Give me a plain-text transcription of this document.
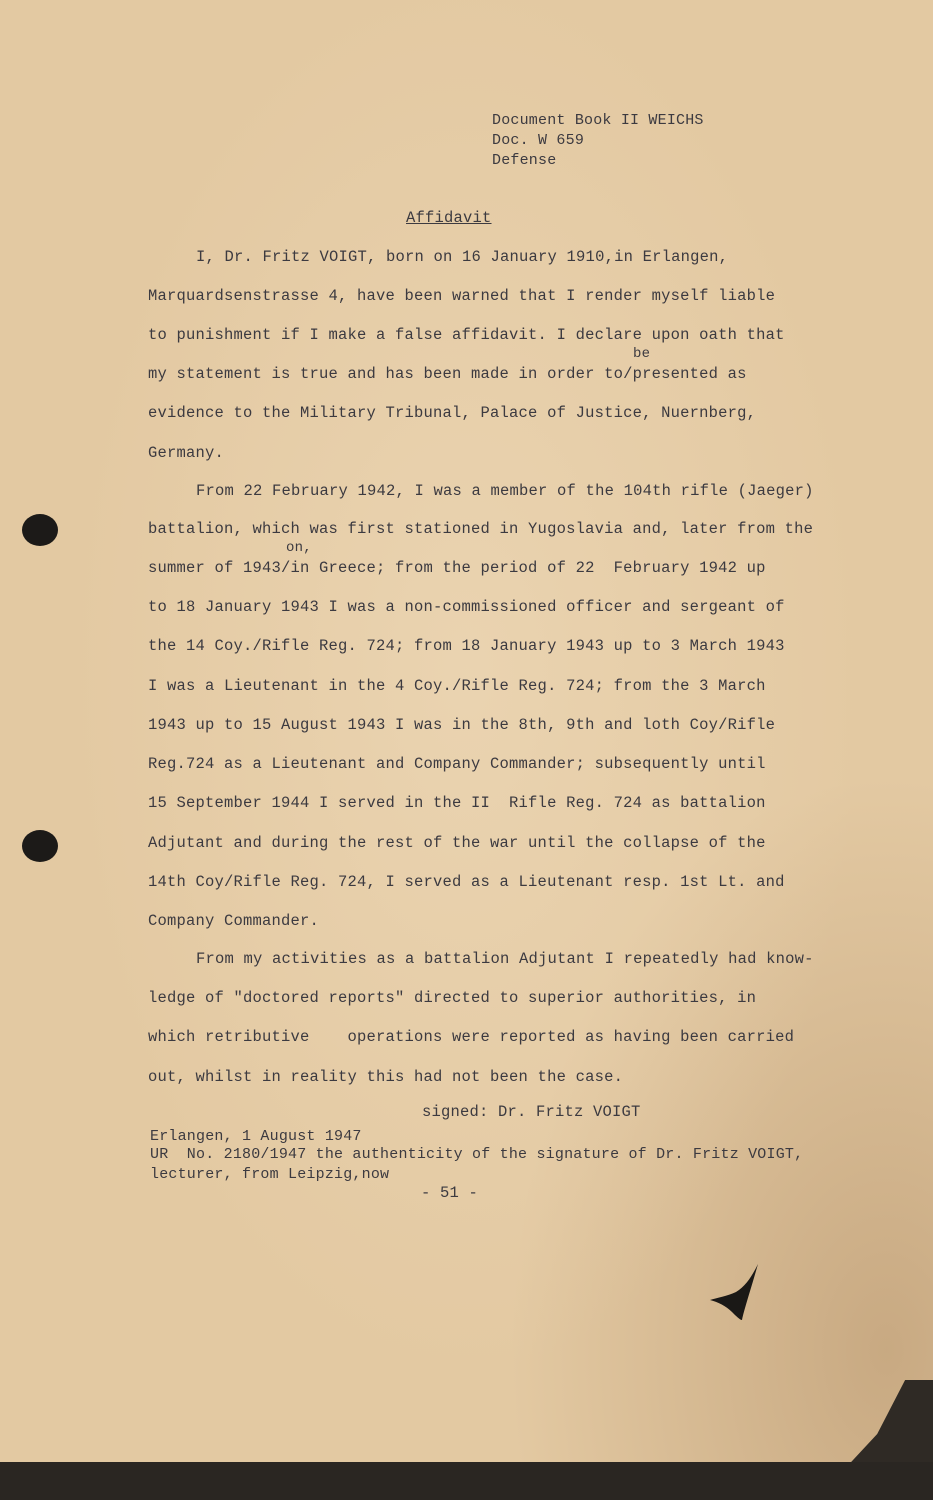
Document Book II WEICHS

Doc. W 659

Defense

Affidavit

I, Dr. Fritz VOIGT, born on 16 January 1910,in Erlangen,

Marquardsenstrasse 4, have been warned that I render myself liable

to punishment if I make a false affidavit. I declare upon oath that

be

my statement is true and has been made in order to/presented as

evidence to the Military Tribunal, Palace of Justice, Nuernberg,

Germany.

From 22 February 1942, I was a member of the 104th rifle (Jaeger)

battalion, which was first stationed in Yugoslavia and, later from the

on,

summer of 1943/in Greece; from the period of 22  February 1942 up

to 18 January 1943 I was a non-commissioned officer and sergeant of

the 14 Coy./Rifle Reg. 724; from 18 January 1943 up to 3 March 1943

I was a Lieutenant in the 4 Coy./Rifle Reg. 724; from the 3 March

1943 up to 15 August 1943 I was in the 8th, 9th and loth Coy/Rifle

Reg.724 as a Lieutenant and Company Commander; subsequently until

15 September 1944 I served in the II  Rifle Reg. 724 as battalion

Adjutant and during the rest of the war until the collapse of the

14th Coy/Rifle Reg. 724, I served as a Lieutenant resp. 1st Lt. and

Company Commander.

From my activities as a battalion Adjutant I repeatedly had know-

ledge of "doctored reports" directed to superior authorities, in

which retributive    operations were reported as having been carried

out, whilst in reality this had not been the case.

signed: Dr. Fritz VOIGT

Erlangen, 1 August 1947

UR  No. 2180/1947 the authenticity of the signature of Dr. Fritz VOIGT,

lecturer, from Leipzig,now

- 51 -
